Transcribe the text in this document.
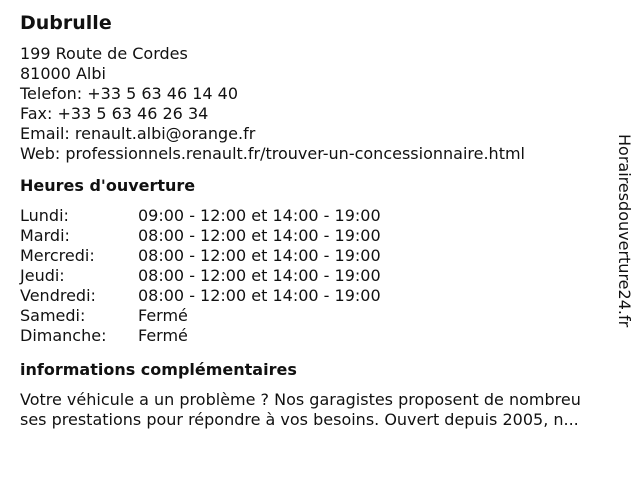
Dubrulle
199 Route de Cordes
81000 Albi
Telefon: +33 5 63 46 14 40
Fax: +33 5 63 46 26 34
Email: renault.albi@orange.fr
Web: professionnels.renault.fr/trouver-un-concessionnaire.html
Heures d'ouverture
Lundi:	09:00 - 12:00 et 14:00 - 19:00
Mardi:	08:00 - 12:00 et 14:00 - 19:00
Mercredi:	08:00 - 12:00 et 14:00 - 19:00
Jeudi:	08:00 - 12:00 et 14:00 - 19:00
Vendredi:	08:00 - 12:00 et 14:00 - 19:00
Samedi:	Fermé
Dimanche:	Fermé
informations complémentaires
Votre véhicule a un problème ? Nos garagistes proposent de nombreu
ses prestations pour répondre à vos besoins. Ouvert depuis 2005, n...
Horairesdouverture24.fr
